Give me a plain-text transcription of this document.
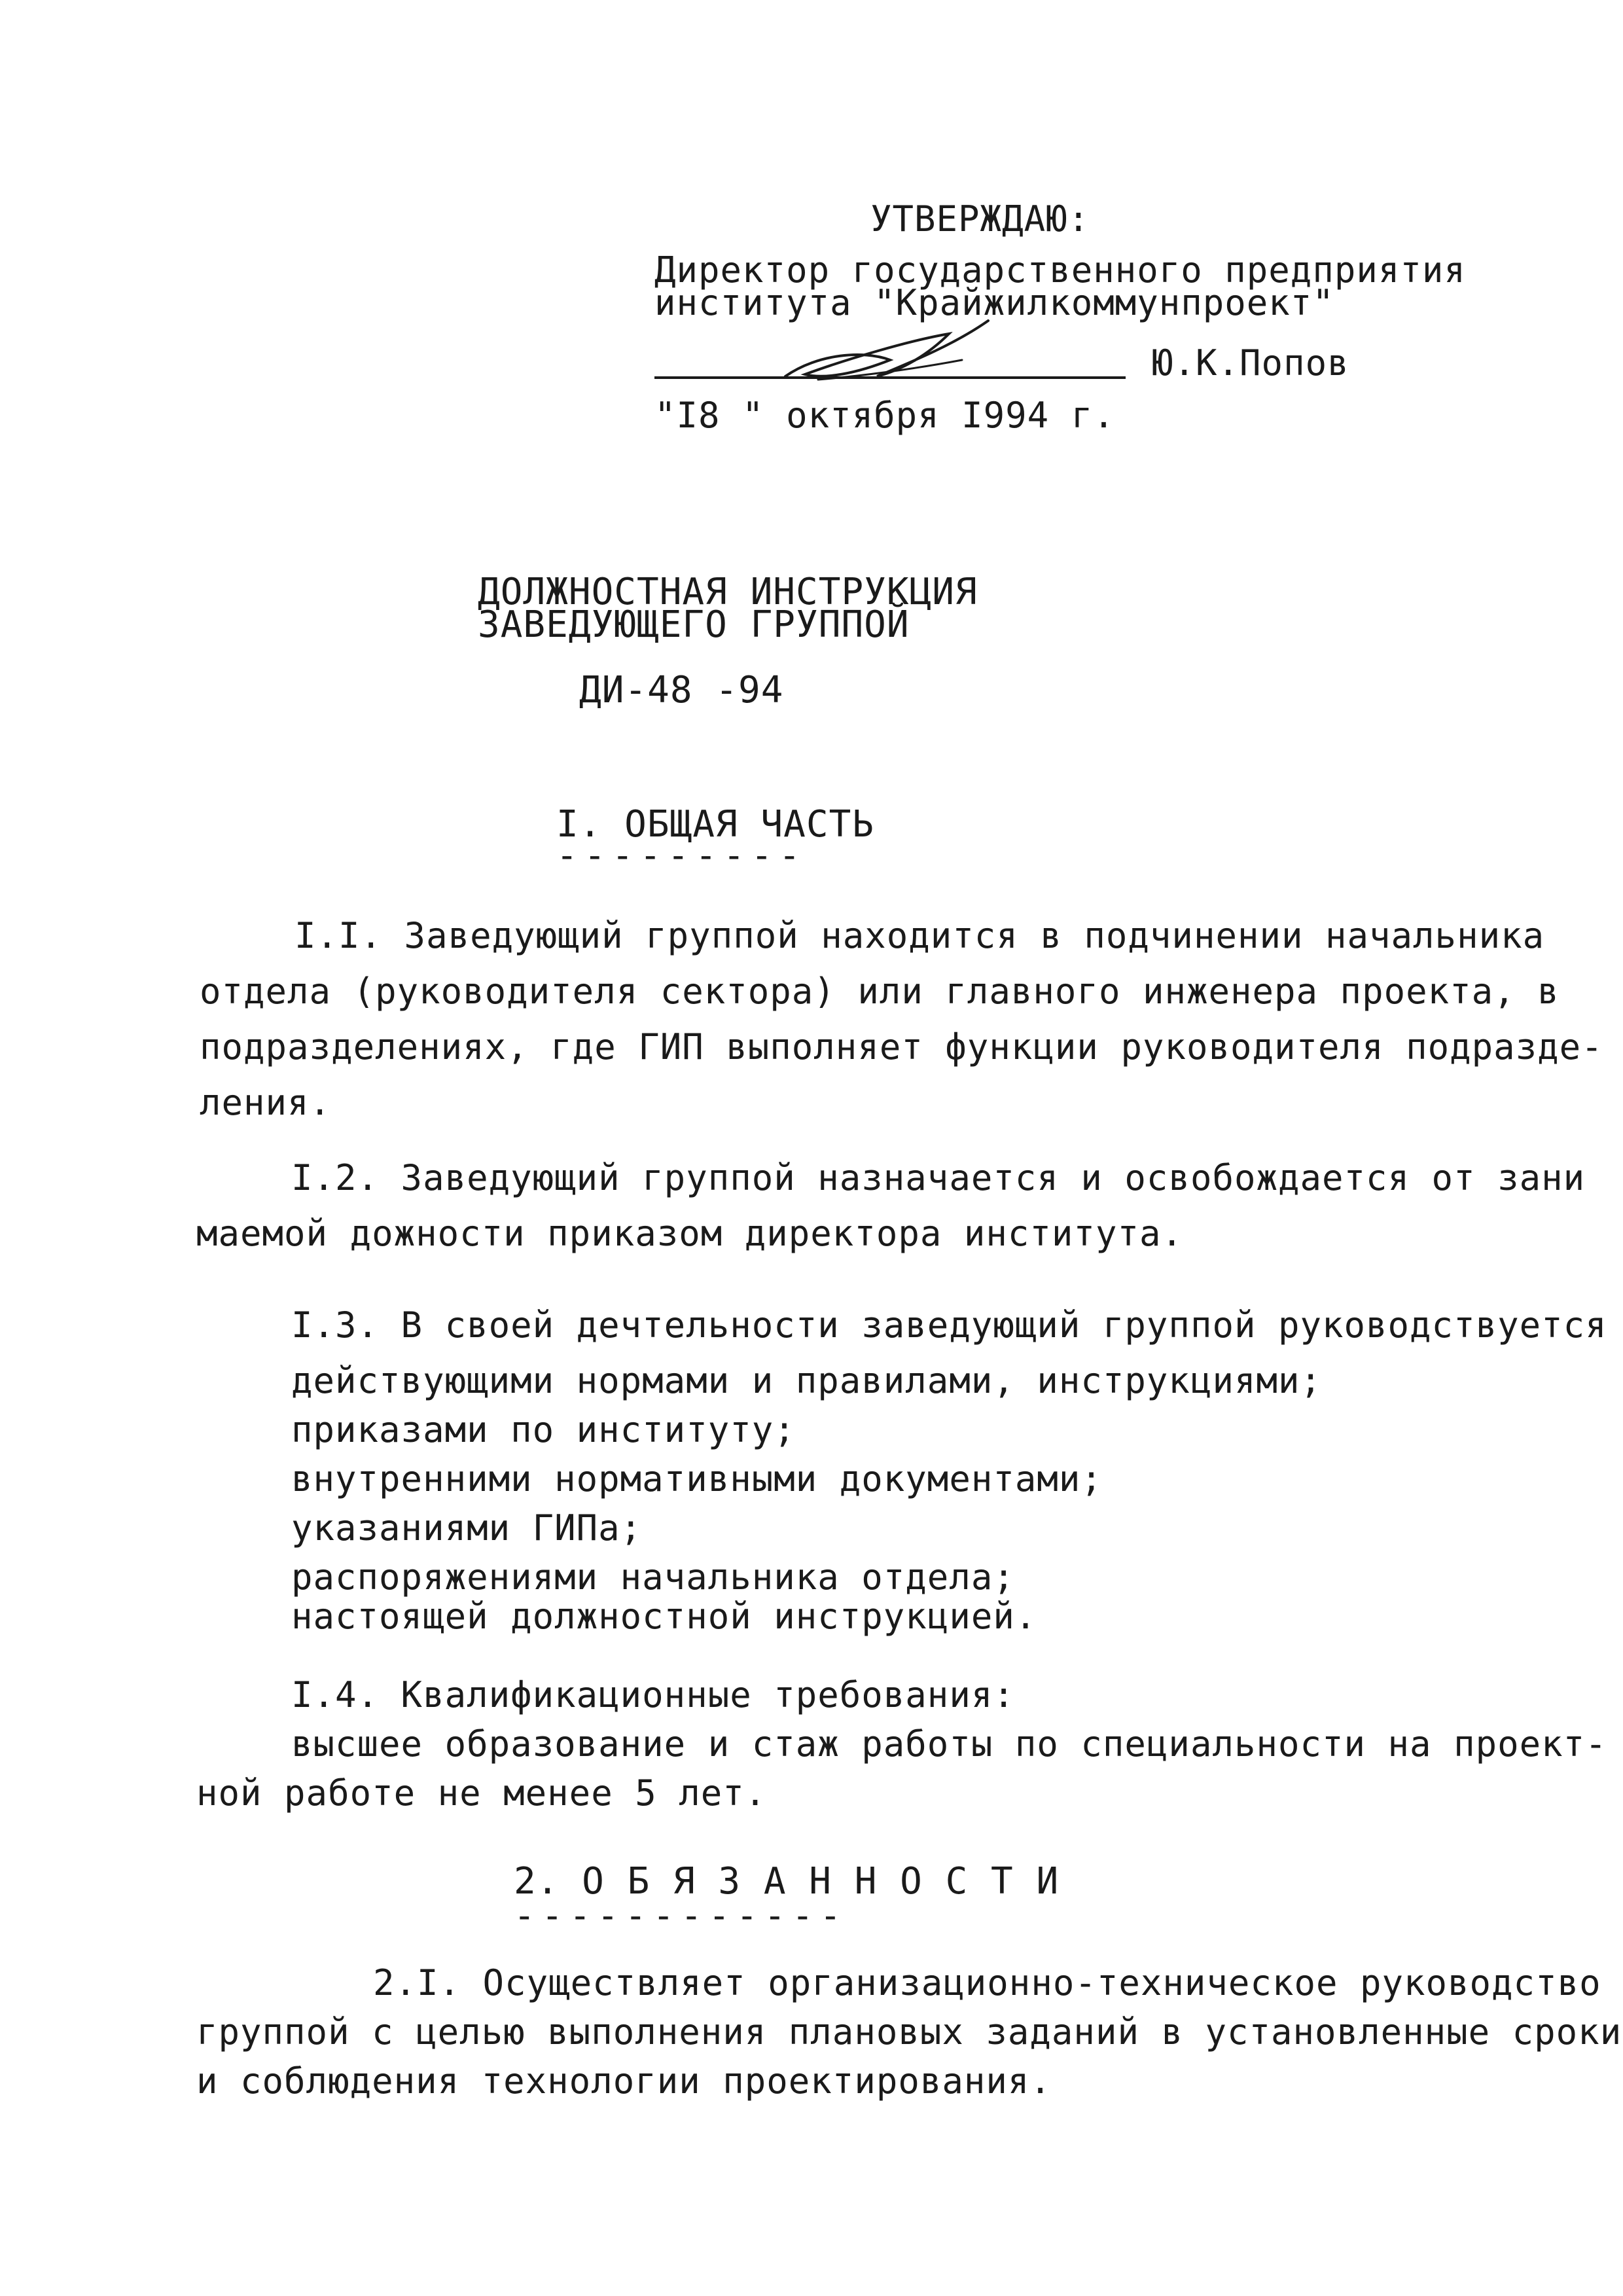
УТВЕРЖДАЮ:
Директор государственного предприятия
института "Крайжилкоммунпроект"
Ю.К.Попов
"I8 " октября I994 г.
ДОЛЖНОСТНАЯ ИНСТРУКЦИЯ
ЗАВЕДУЮЩЕГО ГРУППОЙ
ДИ-48 -94
I. ОБЩАЯ ЧАСТЬ
---------
I.I. Заведующий группой находится в подчинении начальника
отдела (руководителя сектора) или главного инженера проекта, в
подразделениях, где ГИП выполняет функции руководителя подразде-
ления.
I.2. Заведующий группой назначается и освобождается от зани
маемой дожности приказом директора института.
I.3. В своей дечтельности заведующий группой руководствуется
действующими нормами и правилами, инструкциями;
приказами по институту;
внутренними нормативными документами;
указаниями ГИПа;
распоряжениями начальника отдела;
настоящей должностной инструкцией.
I.4. Квалификационные требования:
высшее образование и стаж работы по специальности на проект-
ной работе не менее 5 лет.
2. О Б Я З А Н Н О С Т И
------------
2.I. Осуществляет организационно-техническое руководство
группой с целью выполнения плановых заданий в установленные сроки
и соблюдения технологии проектирования.
